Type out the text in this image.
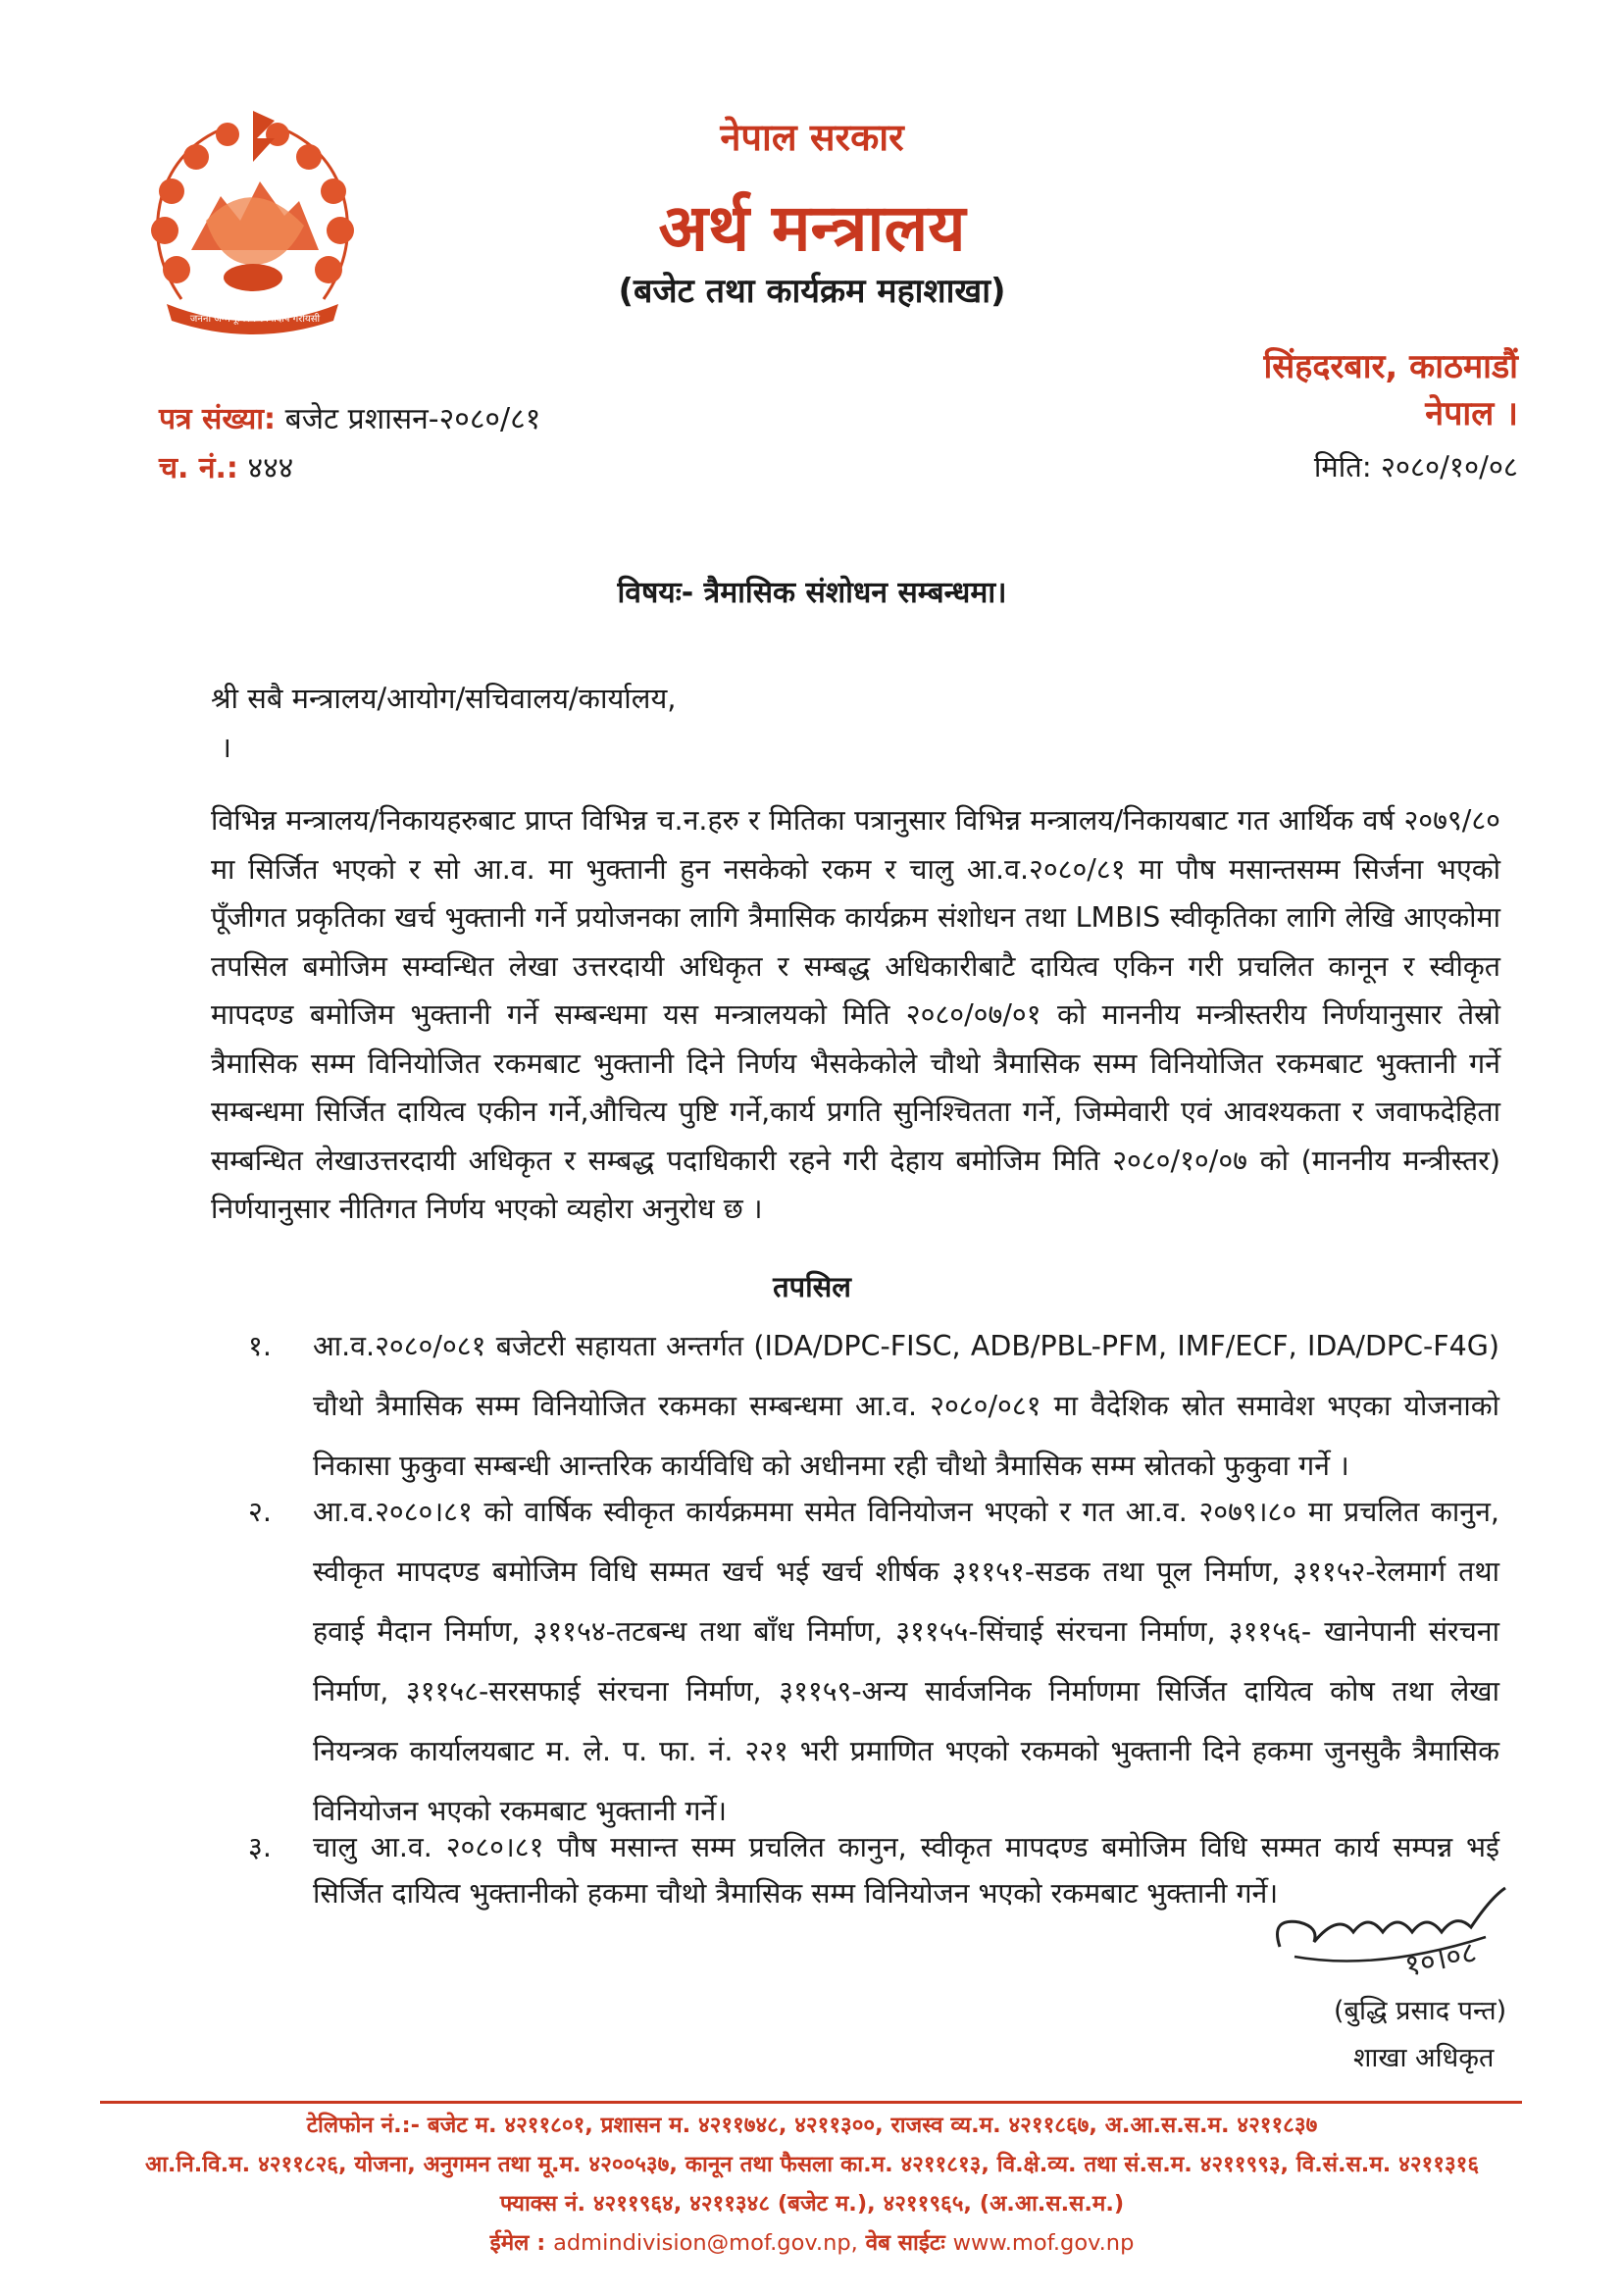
जननी जन्मभूमिश्च स्वर्गादपि गरीयसी
नेपाल सरकार
अर्थ मन्त्रालय
(बजेट तथा कार्यक्रम महाशाखा)
सिंहदरबार, काठमाडौं
नेपाल ।
पत्र संख्या: बजेट प्रशासन-२०८०/८१
च. नं.: ४४४	मिति: २०८०/१०/०८
विषयः- त्रैमासिक संशोधन सम्बन्धमा।
श्री सबै मन्त्रालय/आयोग/सचिवालय/कार्यालय,
।
विभिन्न मन्त्रालय/निकायहरुबाट प्राप्त विभिन्न च.न.हरु र मितिका पत्रानुसार विभिन्न मन्त्रालय/निकायबाट गत आर्थिक वर्ष २०७९/८० मा सिर्जित भएको र सो आ.व. मा भुक्तानी हुन नसकेको रकम र चालु आ.व.२०८०/८१ मा पौष मसान्तसम्म सिर्जना भएको पूँजीगत प्रकृतिका खर्च भुक्तानी गर्ने प्रयोजनका लागि त्रैमासिक कार्यक्रम संशोधन तथा LMBIS स्वीकृतिका लागि लेखि आएकोमा तपसिल बमोजिम सम्वन्धित लेखा उत्तरदायी अधिकृत र सम्बद्ध अधिकारीबाटै दायित्व एकिन गरी प्रचलित कानून र स्वीकृत मापदण्ड बमोजिम भुक्तानी गर्ने सम्बन्धमा यस मन्त्रालयको मिति २०८०/०७/०१ को माननीय मन्त्रीस्तरीय निर्णयानुसार तेस्रो त्रैमासिक सम्म विनियोजित रकमबाट भुक्तानी दिने निर्णय भैसकेकोले चौथो त्रैमासिक सम्म विनियोजित रकमबाट भुक्तानी गर्ने सम्बन्धमा सिर्जित दायित्व एकीन गर्ने,औचित्य पुष्टि गर्ने,कार्य प्रगति सुनिश्चितता गर्ने, जिम्मेवारी एवं आवश्यकता र जवाफदेहिता सम्बन्धित लेखाउत्तरदायी अधिकृत र सम्बद्ध पदाधिकारी रहने गरी देहाय बमोजिम मिति २०८०/१०/०७ को (माननीय मन्त्रीस्तर) निर्णयानुसार नीतिगत निर्णय भएको व्यहोरा अनुरोध छ ।
तपसिल
१. आ.व.२०८०/०८१ बजेटरी सहायता अन्तर्गत (IDA/DPC-FISC, ADB/PBL-PFM, IMF/ECF, IDA/DPC-F4G) चौथो त्रैमासिक सम्म विनियोजित रकमका सम्बन्धमा आ.व. २०८०/०८१ मा वैदेशिक स्रोत समावेश भएका योजनाको निकासा फुकुवा सम्बन्धी आन्तरिक कार्यविधि को अधीनमा रही चौथो त्रैमासिक सम्म स्रोतको फुकुवा गर्ने ।
२. आ.व.२०८०।८१ को वार्षिक स्वीकृत कार्यक्रममा समेत विनियोजन भएको र गत आ.व. २०७९।८० मा प्रचलित कानुन, स्वीकृत मापदण्ड बमोजिम विधि सम्मत खर्च भई खर्च शीर्षक ३११५१-सडक तथा पूल निर्माण, ३११५२-रेलमार्ग तथा हवाई मैदान निर्माण, ३११५४-तटबन्ध तथा बाँध निर्माण, ३११५५-सिंचाई संरचना निर्माण, ३११५६- खानेपानी संरचना निर्माण, ३११५८-सरसफाई संरचना निर्माण, ३११५९-अन्य सार्वजनिक निर्माणमा सिर्जित दायित्व कोष तथा लेखा नियन्त्रक कार्यालयबाट म. ले. प. फा. नं. २२१ भरी प्रमाणित भएको रकमको भुक्तानी दिने हकमा जुनसुकै त्रैमासिक विनियोजन भएको रकमबाट भुक्तानी गर्ने।
३. चालु आ.व. २०८०।८१ पौष मसान्त सम्म प्रचलित कानुन, स्वीकृत मापदण्ड बमोजिम विधि सम्मत कार्य सम्पन्न भई सिर्जित दायित्व भुक्तानीको हकमा चौथो त्रैमासिक सम्म विनियोजन भएको रकमबाट भुक्तानी गर्ने।
१०।०८
(बुद्धि प्रसाद पन्त)
शाखा अधिकृत
टेलिफोन नं.:- बजेट म. ४२११८०१, प्रशासन म. ४२११७४८, ४२११३००, राजस्व व्य.म. ४२११८६७, अ.आ.स.स.म. ४२११८३७
आ.नि.वि.म. ४२११८२६, योजना, अनुगमन तथा मू.म. ४२००५३७, कानून तथा फैसला का.म. ४२११८१३, वि.क्षे.व्य. तथा सं.स.म. ४२११९९३, वि.सं.स.म. ४२११३१६
फ्याक्स नं. ४२११९६४, ४२११३४८ (बजेट म.), ४२११९६५, (अ.आ.स.स.म.)
ईमेल : admindivision@mof.gov.np, वेब साईटः www.mof.gov.np
